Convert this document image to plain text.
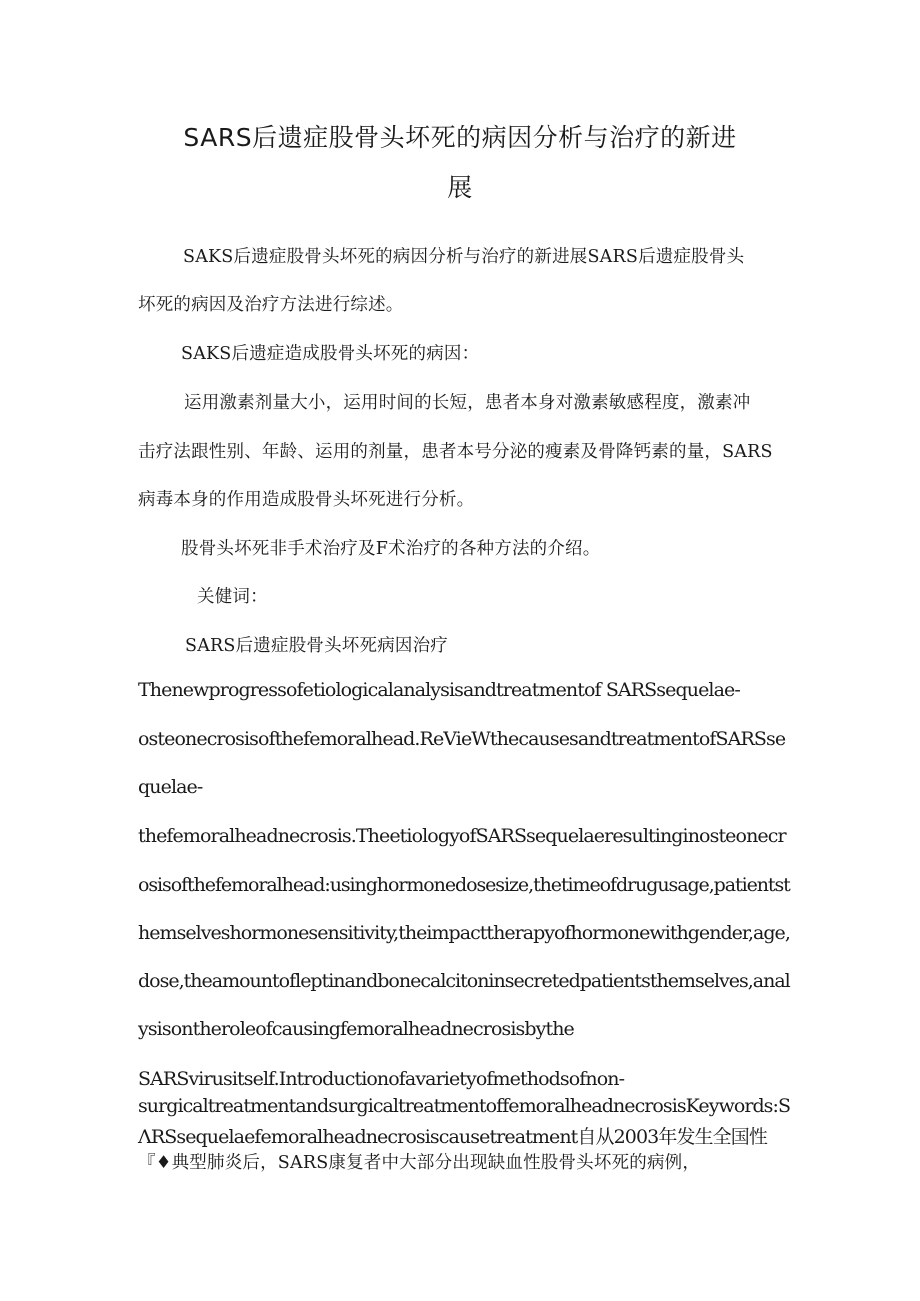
SARS后遗症股骨头坏死的病因分析与治疗的新进
展

SAKS后遗症股骨头坏死的病因分析与治疗的新进展SARS后遗症股骨头

坏死的病因及治疗方法进行综述。

SAKS后遗症造成股骨头坏死的病因：

运用激素剂量大小，运用时间的长短，患者本身对激素敏感程度，激素冲

击疗法跟性别、年龄、运用的剂量，患者本号分泌的瘦素及骨降钙素的量，SARS

病毒本身的作用造成股骨头坏死进行分析。

股骨头坏死非手术治疗及F术治疗的各种方法的介绍。

关健词：

SARS后遗症股骨头坏死病因治疗

Thenewprogressofetiologicalanalysisandtreatmentof SARSsequelae-

osteonecrosisofthefemoralhead.ReVieWthecausesandtreatmentofSARSse

quelae-

thefemoralheadnecrosis.TheetiologyofSARSsequelaeresultinginosteonecr

osisofthefemoralhead:usinghormonedosesize,thetimeofdrugusage,patientst

hemselveshormonesensitivity,theimpacttherapyofhormonewithgender,age,

dose,theamountofleptinandbonecalcitoninsecretedpatientsthemselves,anal

ysisontheroleofcausingfemoralheadnecrosisbythe

SARSvirusitself.Introductionofavarietyofmethodsofnon-

surgicaltreatmentandsurgicaltreatmentoffemoralheadnecrosisKeywords:S

ΛRSsequelaefemoralheadnecrosiscausetreatment自从2003年发生全国性

『♦典型肺炎后，SARS康复者中大部分出现缺血性股骨头坏死的病例，
